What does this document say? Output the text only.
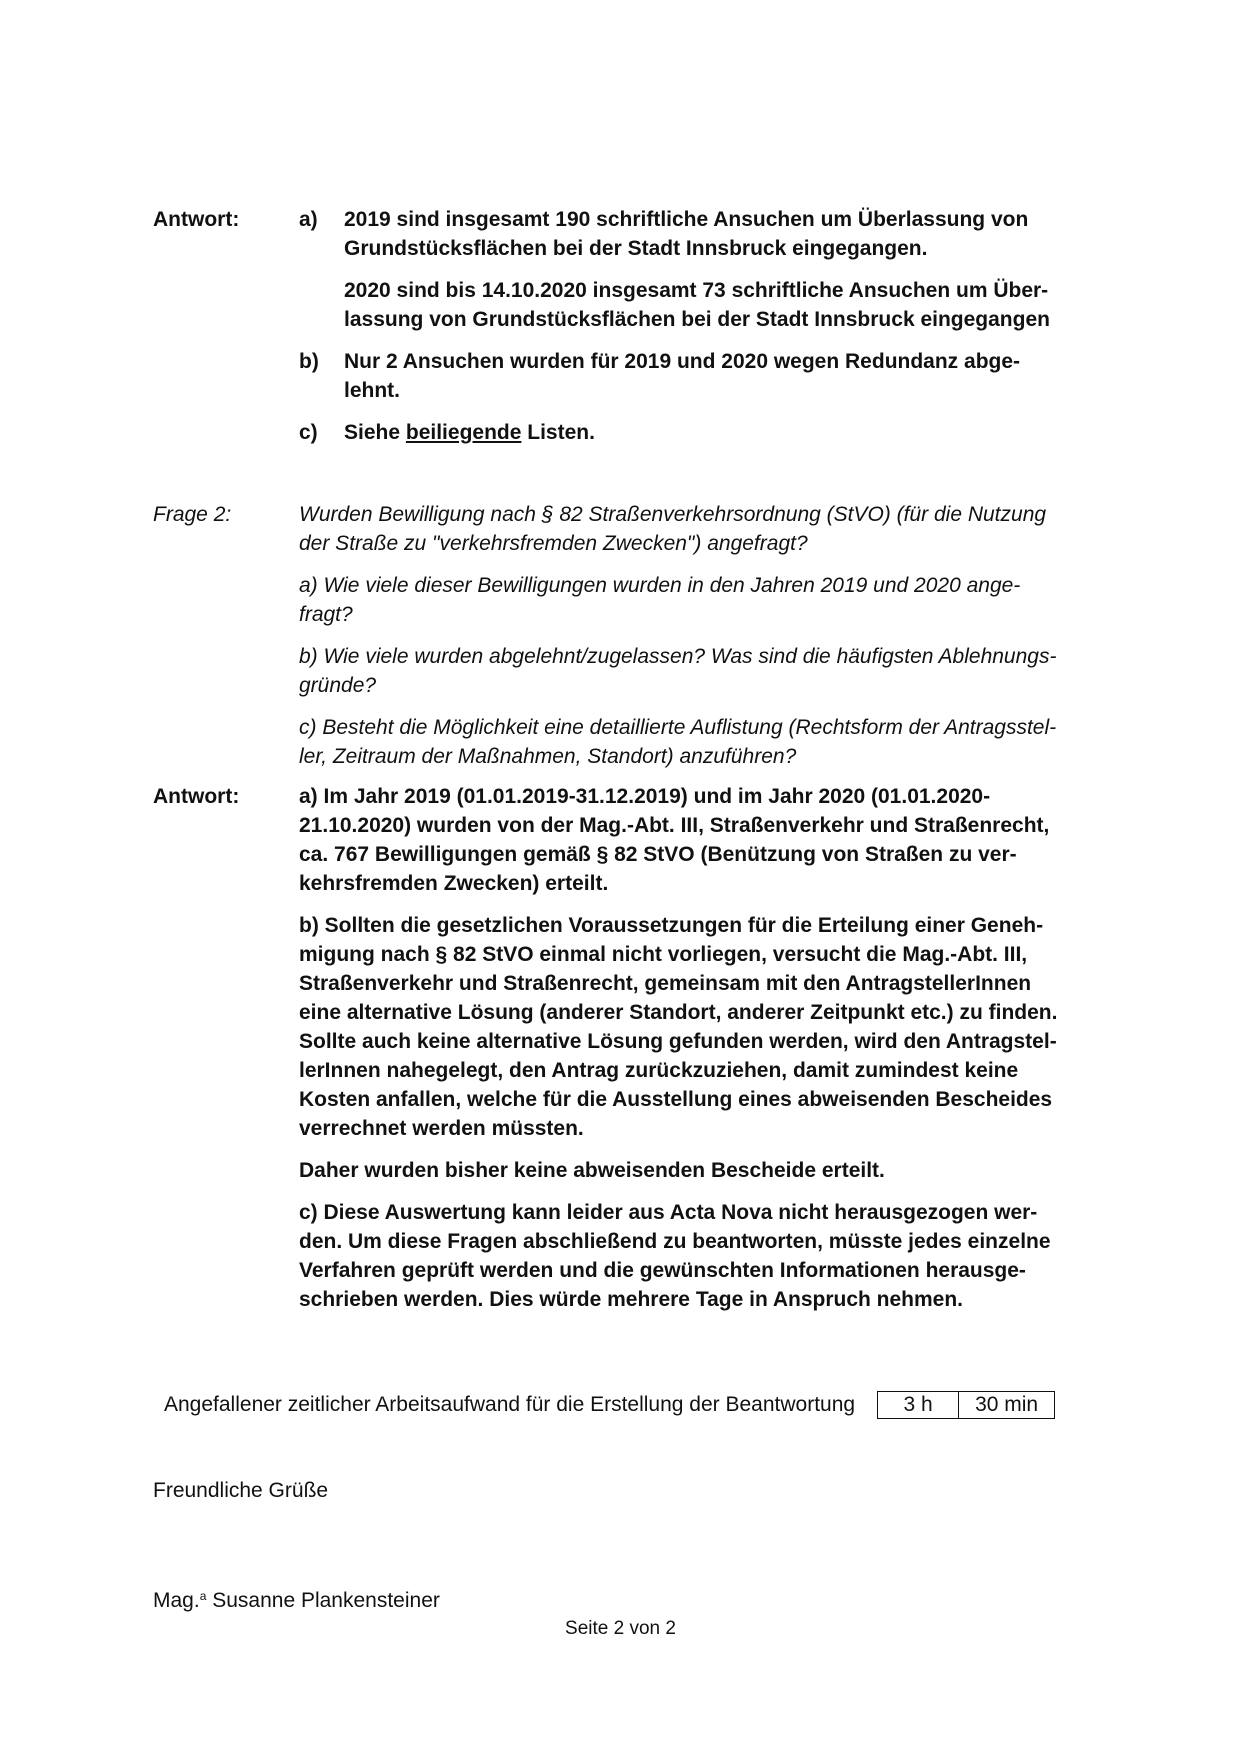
Antwort:	a)	2019 sind insgesamt 190 schriftliche Ansuchen um Überlassung von
Grundstücksflächen bei der Stadt Innsbruck eingegangen.
2020 sind bis 14.10.2020 insgesamt 73 schriftliche Ansuchen um Über-
lassung von Grundstücksflächen bei der Stadt Innsbruck eingegangen
b)	Nur 2 Ansuchen wurden für 2019 und 2020 wegen Redundanz abge-
lehnt.
c)	Siehe beiliegende Listen.
Frage 2:	Wurden Bewilligung nach § 82 Straßenverkehrsordnung (StVO) (für die Nutzung
der Straße zu "verkehrsfremden Zwecken") angefragt?
a) Wie viele dieser Bewilligungen wurden in den Jahren 2019 und 2020 ange-
fragt?
b) Wie viele wurden abgelehnt/zugelassen? Was sind die häufigsten Ablehnungs-
gründe?
c) Besteht die Möglichkeit eine detaillierte Auflistung (Rechtsform der Antragsstel-
ler, Zeitraum der Maßnahmen, Standort) anzuführen?
Antwort:	a) Im Jahr 2019 (01.01.2019-31.12.2019) und im Jahr 2020 (01.01.2020-
21.10.2020) wurden von der Mag.-Abt. III, Straßenverkehr und Straßenrecht,
ca. 767 Bewilligungen gemäß § 82 StVO (Benützung von Straßen zu ver-
kehrsfremden Zwecken) erteilt.
b) Sollten die gesetzlichen Voraussetzungen für die Erteilung einer Geneh-
migung nach § 82 StVO einmal nicht vorliegen, versucht die Mag.-Abt. III,
Straßenverkehr und Straßenrecht, gemeinsam mit den AntragstellerInnen
eine alternative Lösung (anderer Standort, anderer Zeitpunkt etc.) zu finden.
Sollte auch keine alternative Lösung gefunden werden, wird den Antragstel-
lerInnen nahegelegt, den Antrag zurückzuziehen, damit zumindest keine
Kosten anfallen, welche für die Ausstellung eines abweisenden Bescheides
verrechnet werden müssten.
Daher wurden bisher keine abweisenden Bescheide erteilt.
c) Diese Auswertung kann leider aus Acta Nova nicht herausgezogen wer-
den. Um diese Fragen abschließend zu beantworten, müsste jedes einzelne
Verfahren geprüft werden und die gewünschten Informationen herausge-
schrieben werden. Dies würde mehrere Tage in Anspruch nehmen.
Angefallener zeitlicher Arbeitsaufwand für die Erstellung der Beantwortung	3 h	30 min
Freundliche Grüße
Mag.$^a$ Susanne Plankensteiner
Seite 2 von 2
